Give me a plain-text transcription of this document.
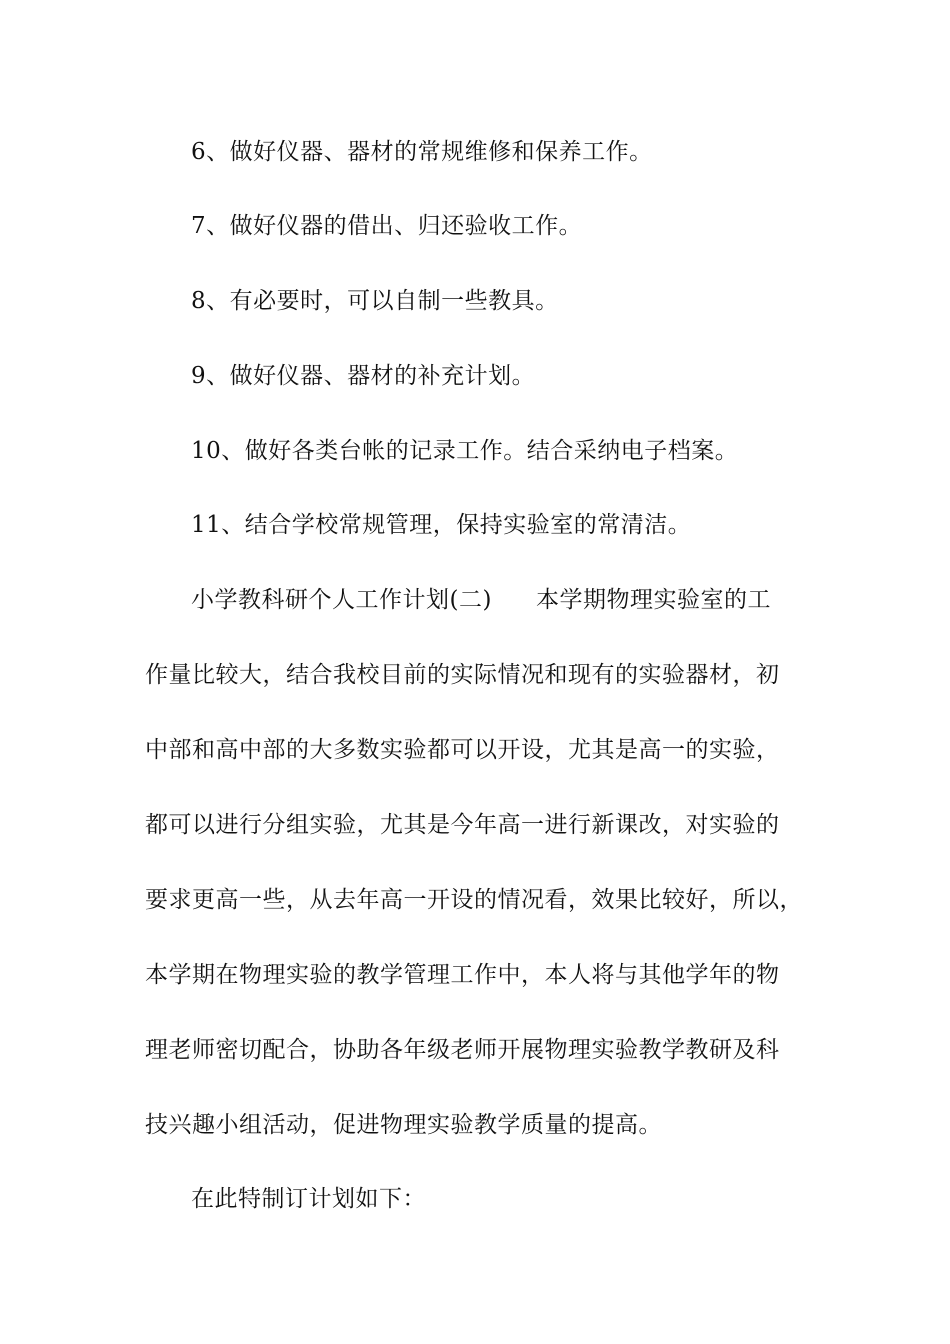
6、做好仪器、器材的常规维修和保养工作。
7、做好仪器的借出、归还验收工作。
8、有必要时，可以自制一些教具。
9、做好仪器、器材的补充计划。
10、做好各类台帐的记录工作。结合采纳电子档案。
11、结合学校常规管理，保持实验室的常清洁。
小学教科研个人工作计划(二) 本学期物理实验室的工
作量比较大，结合我校目前的实际情况和现有的实验器材，初
中部和高中部的大多数实验都可以开设，尤其是高一的实验，
都可以进行分组实验，尤其是今年高一进行新课改，对实验的
要求更高一些，从去年高一开设的情况看，效果比较好，所以，
本学期在物理实验的教学管理工作中，本人将与其他学年的物
理老师密切配合，协助各年级老师开展物理实验教学教研及科
技兴趣小组活动，促进物理实验教学质量的提高。
在此特制订计划如下：
